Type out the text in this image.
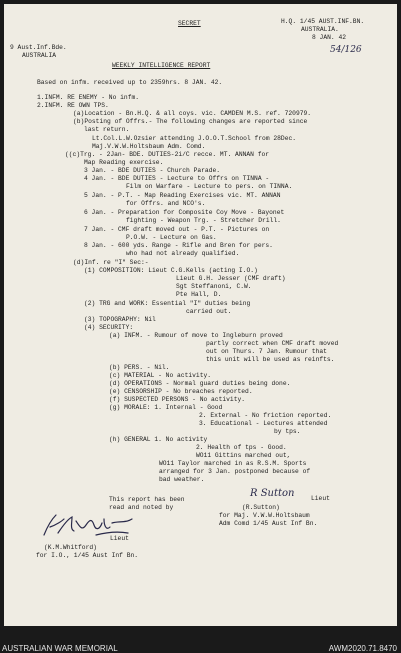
SECRET	H.Q. 1/45 AUST.INF.BN.
AUSTRALIA.
8 JAN. 42
54/126
9 Aust.Inf.Bde.
AUSTRALIA
WEEKLY INTELLIGENCE REPORT
Based on infm. received up to 2359hrs. 8 JAN. 42.
1.INFM. RE ENEMY - No infm.
2.INFM. RE OWN TPS.
(a)Location - Bn.H.Q. & all coys. vic. CAMDEN M.S. ref. 720979.
(b)Posting of Offrs.- The following changes are reported since
last return.
Lt.Col.L.W.Ozsier attending J.O.O.T.School from 28Dec.
Maj.V.W.W.Holtsbaum Adm. Comd.
((c)Trg. - 2Jan- BDE. DUTIES-2i/C recce. MT. ANNAN for
Map Reading exercise.
3 Jan. - BDE DUTIES - Church Parade.
4 Jan. - BDE DUTIES - Lecture to Offrs on TINNA -
Film on Warfare - Lecture to pers. on TINNA.
5 Jan. - P.T. - Map Reading Exercises vic. MT. ANNAN
for Offrs. and NCO's.
6 Jan. - Preparation for Composite Coy Move - Bayonet
fighting - Weapon Trg. - Stretcher Drill.
7 Jan. - CMF draft moved out - P.T. - Pictures on
P.O.W. - Lecture on Gas.
8 Jan. - 600 yds. Range - Rifle and Bren for pers.
who had not already qualified.
(d)Inf. re "I" Sec:-
(1) COMPOSITION: Lieut C.G.Kells (acting I.O.)
Lieut G.H. Jesser (CMF draft)
Sgt Steffanoni, C.W.
Pte Hall, D.
(2) TRG and WORK: Essential "I" duties being
carried out.
(3) TOPOGRAPHY: Nil
(4) SECURITY:
(a) INFM. - Rumour of move to Ingleburn proved
partly correct when CMF draft moved
out on Thurs. 7 Jan. Rumour that
this unit will be used as reinfts.
(b) PERS. - Nil.
(c) MATERIAL - No activity.
(d) OPERATIONS - Normal guard duties being done.
(e) CENSORSHIP - No breaches reported.
(f) SUSPECTED PERSONS - No activity.
(g) MORALE: 1. Internal - Good
2. External - No friction reported.
3. Educational - Lectures attended
by tps.
(h) GENERAL 1. No activity
2. Health of tps - Good.
WO11 Gittins marched out,
WO11 Taylor marched in as R.S.M. Sports
arranged for 3 Jan. postponed because of
bad weather.
This report has been
read and noted by
R Sutton	Lieut
(R.Sutton)
for Maj. V.W.W.Holtsbaum
Adm Comd 1/45 Aust Inf Bn.
Lieut
(K.M.Whitford)
for I.O., 1/45 Aust Inf Bn.
AUSTRALIAN WAR MEMORIAL	AWM2020.71.8470
